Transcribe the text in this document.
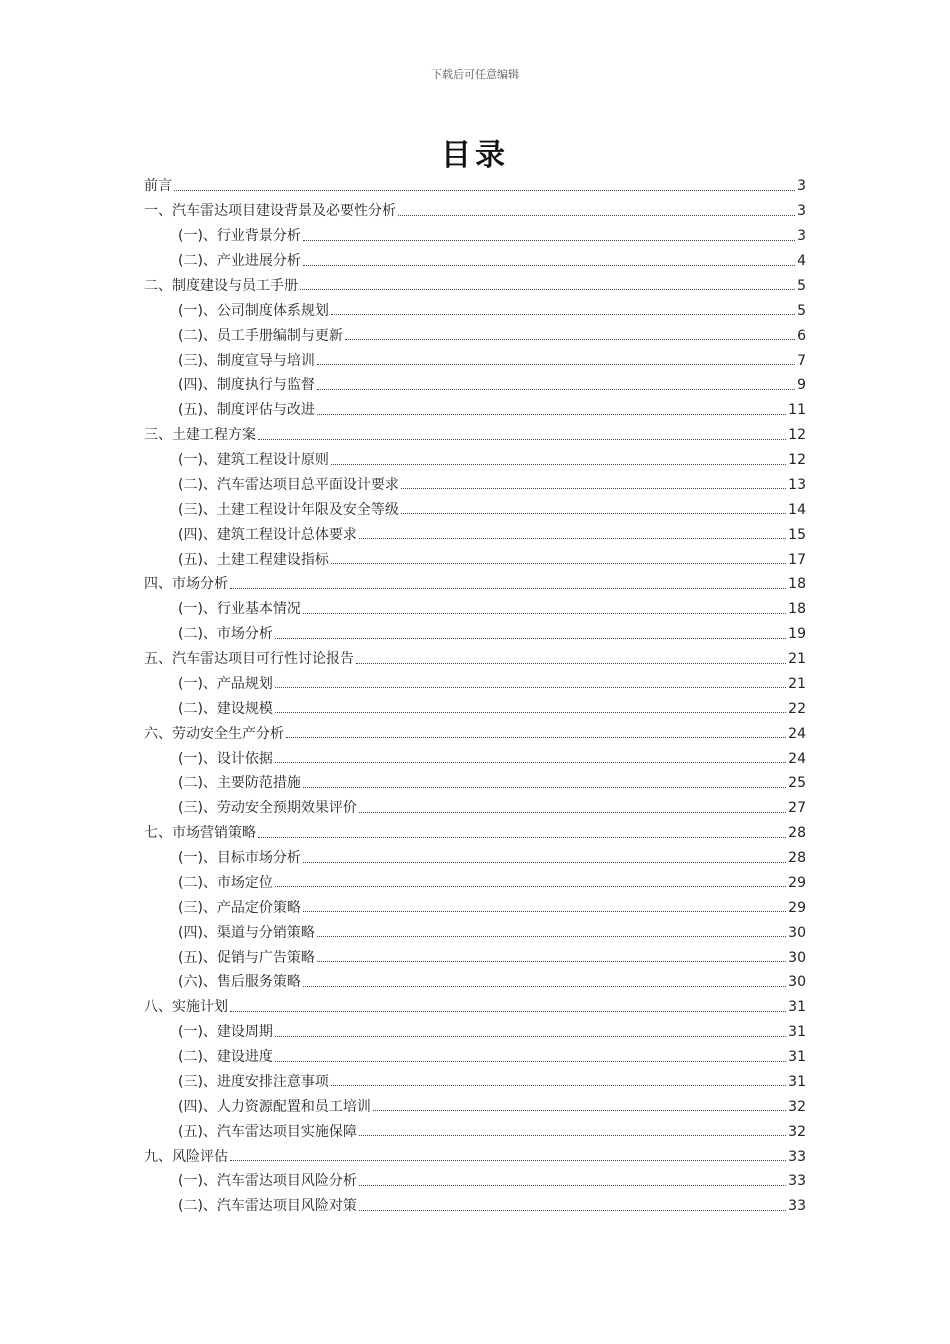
下载后可任意编辑
目录
前言	3
一、汽车雷达项目建设背景及必要性分析	3
(一)、行业背景分析	3
(二)、产业进展分析	4
二、制度建设与员工手册	5
(一)、公司制度体系规划	5
(二)、员工手册编制与更新	6
(三)、制度宣导与培训	7
(四)、制度执行与监督	9
(五)、制度评估与改进	11
三、土建工程方案	12
(一)、建筑工程设计原则	12
(二)、汽车雷达项目总平面设计要求	13
(三)、土建工程设计年限及安全等级	14
(四)、建筑工程设计总体要求	15
(五)、土建工程建设指标	17
四、市场分析	18
(一)、行业基本情况	18
(二)、市场分析	19
五、汽车雷达项目可行性讨论报告	21
(一)、产品规划	21
(二)、建设规模	22
六、劳动安全生产分析	24
(一)、设计依据	24
(二)、主要防范措施	25
(三)、劳动安全预期效果评价	27
七、市场营销策略	28
(一)、目标市场分析	28
(二)、市场定位	29
(三)、产品定价策略	29
(四)、渠道与分销策略	30
(五)、促销与广告策略	30
(六)、售后服务策略	30
八、实施计划	31
(一)、建设周期	31
(二)、建设进度	31
(三)、进度安排注意事项	31
(四)、人力资源配置和员工培训	32
(五)、汽车雷达项目实施保障	32
九、风险评估	33
(一)、汽车雷达项目风险分析	33
(二)、汽车雷达项目风险对策	33
